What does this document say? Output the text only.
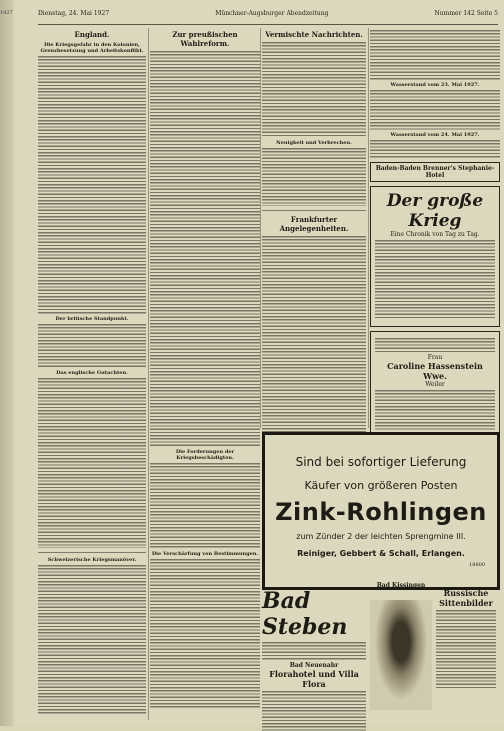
1927	Dienstag, 24. Mai 1927	Münchner-Augsburger Abendzeitung	Nummer 142 Seite 5
England.
Die Kriegsgefahr in den Kolonien, Grenzbesetzung und Arbeitskonflikt.
Der britische Standpunkt.
Das englische Gutachten.
Schweizerische Kriegsmanöver.
Zur preußischen Wahlreform.
Die Forderungen der Kriegsbeschädigten.
Die Verschärfung von Bestimmungen.
Vermischte Nachrichten.
Neuigkeit und Verbrechen.
Frankfurter Angelegenheiten.
Wasserstand vom 23. Mai 1927.
Wasserstand vom 24. Mai 1927.
Baden-Baden Brenner's Stephanie-Hotel
Der große Krieg
Eine Chronik von Tag zu Tag.
Frau
Caroline Hassenstein Wwe.
Weiler
Sind bei sofortiger Lieferung
Käufer von größeren Posten
Zink-Rohlingen
zum Zünder 2 der leichten Sprengmine III.
Reiniger, Gebbert & Schall, Erlangen.
18800
Bad Steben
Bad Neuenahr
Florahotel und Villa Flora
Bad Kissingen
Russische Sittenbilder
